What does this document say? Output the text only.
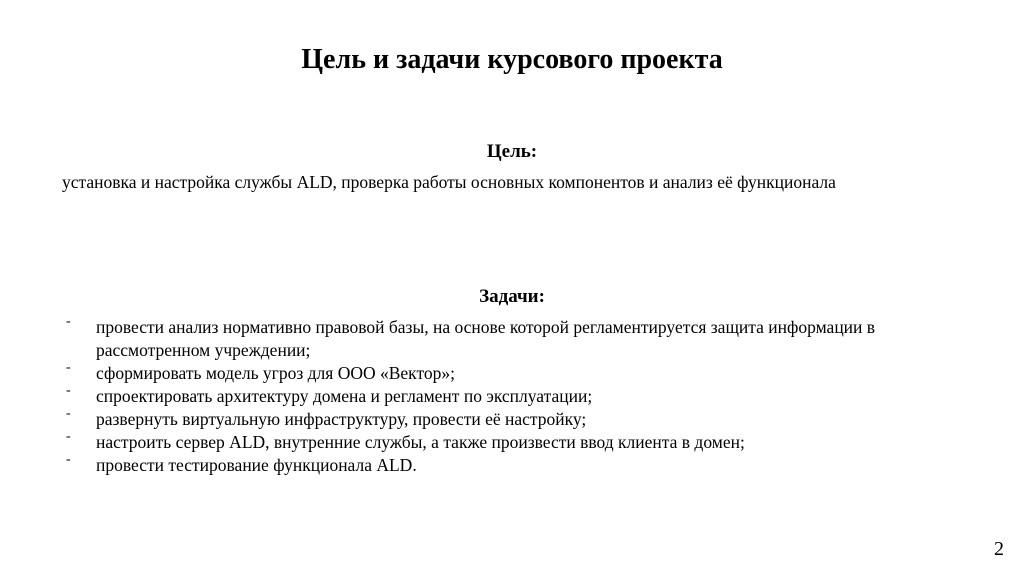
Цель и задачи курсового проекта
Цель:
установка и настройка службы ALD, проверка работы основных компонентов и анализ её функционала
Задачи:
- провести анализ нормативно правовой базы, на основе которой регламентируется защита информации в рассмотренном учреждении;
- сформировать модель угроз для ООО «Вектор»;
- спроектировать архитектуру домена и регламент по эксплуатации;
- развернуть виртуальную инфраструктуру, провести её настройку;
- настроить сервер ALD, внутренние службы, а также произвести ввод клиента в домен;
- провести тестирование функционала ALD.
2
